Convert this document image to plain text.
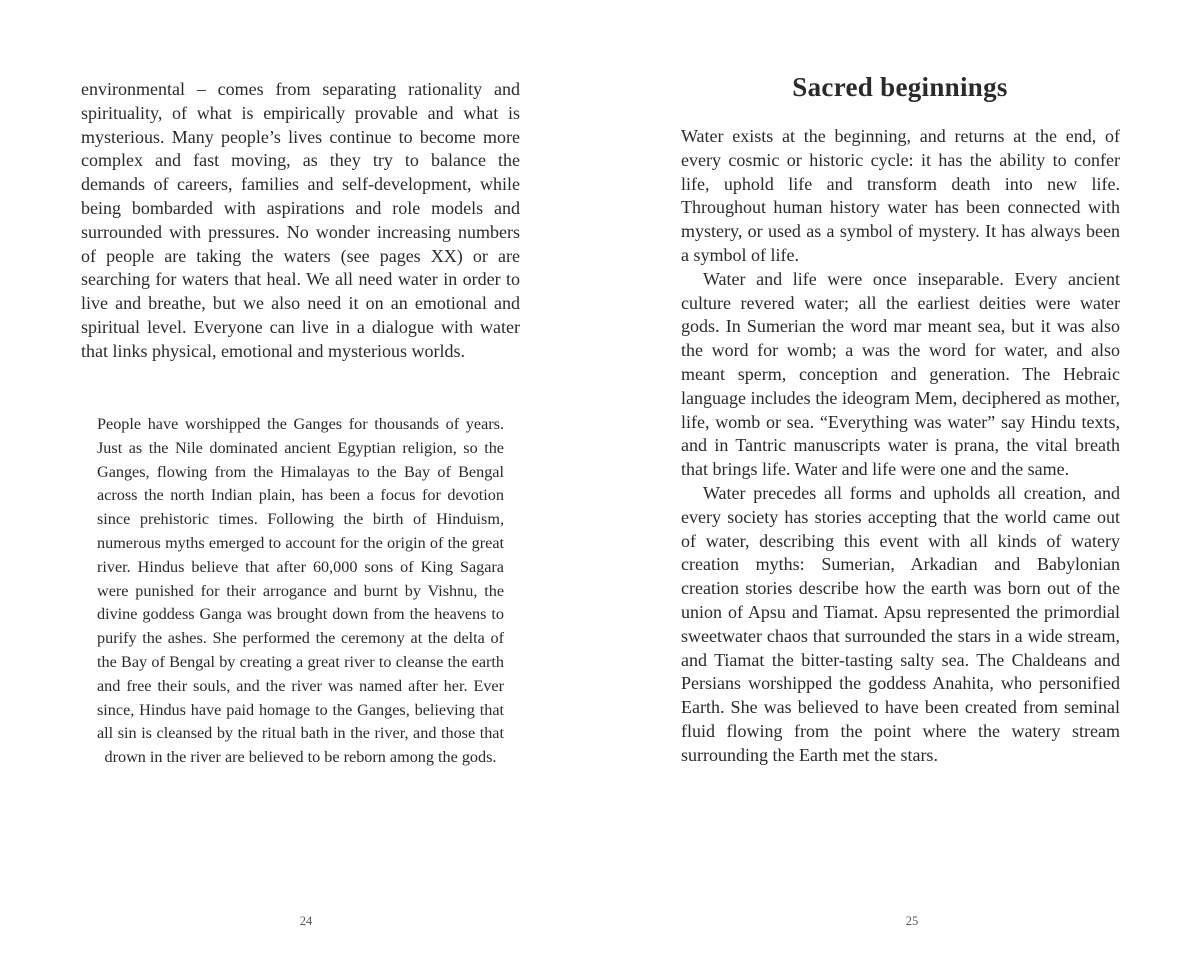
environmental – comes from separating rationality and spirituality, of what is empirically provable and what is mysterious. Many people’s lives continue to become more complex and fast moving, as they try to balance the demands of careers, families and self-development, while being bombarded with aspirations and role models and surrounded with pressures. No wonder increasing numbers of people are taking the waters (see pages XX) or are searching for waters that heal. We all need water in order to live and breathe, but we also need it on an emotional and spiritual level. Everyone can live in a dialogue with water that links physical, emotional and mysterious worlds.

People have worshipped the Ganges for thousands of years. Just as the Nile dominated ancient Egyptian religion, so the Ganges, flowing from the Himalayas to the Bay of Bengal across the north Indian plain, has been a focus for devotion since prehistoric times. Following the birth of Hinduism, numerous myths emerged to account for the origin of the great river. Hindus believe that after 60,000 sons of King Sagara were punished for their arrogance and burnt by Vishnu, the divine goddess Ganga was brought down from the heavens to purify the ashes. She performed the ceremony at the delta of the Bay of Bengal by creating a great river to cleanse the earth and free their souls, and the river was named after her. Ever since, Hindus have paid homage to the Ganges, believing that all sin is cleansed by the ritual bath in the river, and those that drown in the river are believed to be reborn among the gods.

24
Sacred beginnings

Water exists at the beginning, and returns at the end, of every cosmic or historic cycle: it has the ability to confer life, uphold life and transform death into new life. Throughout human history water has been connected with mystery, or used as a symbol of mystery. It has always been a symbol of life.

Water and life were once inseparable. Every ancient culture revered water; all the earliest deities were water gods. In Sumerian the word mar meant sea, but it was also the word for womb; a was the word for water, and also meant sperm, conception and generation. The Hebraic language includes the ideogram Mem, deciphered as mother, life, womb or sea. “Everything was water” say Hindu texts, and in Tantric manuscripts water is prana, the vital breath that brings life. Water and life were one and the same.

Water precedes all forms and upholds all creation, and every society has stories accepting that the world came out of water, describing this event with all kinds of watery creation myths: Sumerian, Arkadian and Babylonian creation stories describe how the earth was born out of the union of Apsu and Tiamat. Apsu represented the primordial sweetwater chaos that surrounded the stars in a wide stream, and Tiamat the bitter-tasting salty sea. The Chaldeans and Persians worshipped the goddess Anahita, who personified Earth. She was believed to have been created from seminal fluid flowing from the point where the watery stream surrounding the Earth met the stars.

25
